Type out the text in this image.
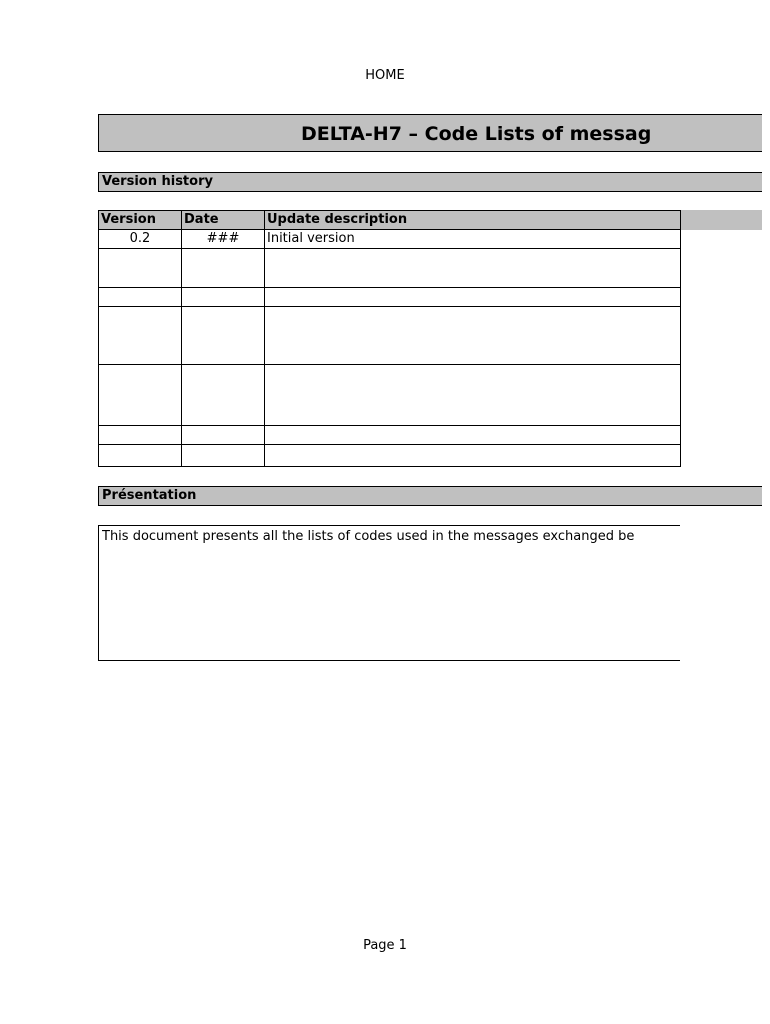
HOME
DELTA-H7 – Code Lists of messag
Version history
Version	Date	Update description
0.2	###	Initial version

Présentation
This document presents all the lists of codes used in the messages exchanged be
Page 1
